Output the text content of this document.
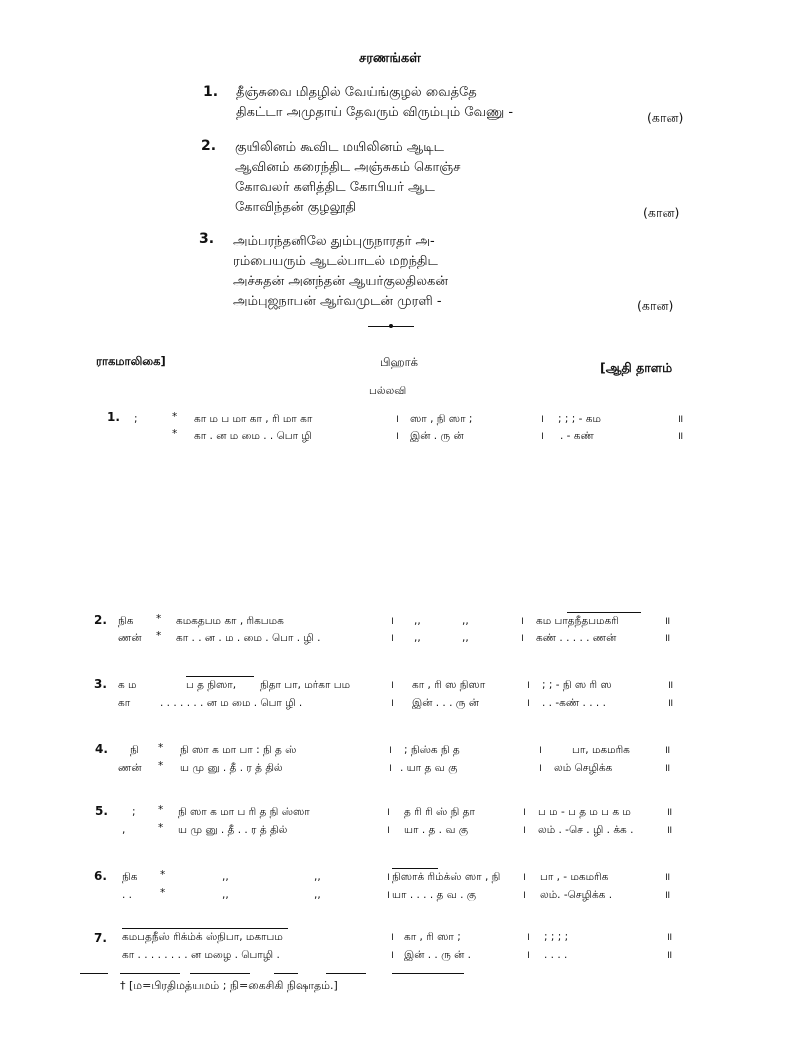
சரணங்கள்
1. தீஞ்சுவை மிதழில் வேய்ங்குழல் வைத்தே
திகட்டா அமுதாய் தேவரும் விரும்பும் வேணு -	(கான)
2. குயிலினம் கூவிட மயிலினம் ஆடிட
ஆவினம் கரைந்திட அஞ்சுகம் கொஞ்ச
கோவலர் களித்திட கோபியர் ஆட
கோவிந்தன் குழலூதி	(கான)
3. அம்பரந்தனிலே தும்புருநாரதர் அ-
ரம்பையரும் ஆடல்பாடல் மறந்திட
அச்சுதன் அனந்தன் ஆயர்குலதிலகன்
அம்புஜநாபன் ஆர்வமுடன் முரளி -	(கான)
ராகமாலிகை]	பிஹாக்	[ஆதி தாளம்
பல்லவி
1. ;	* கா ம ப மா கா , ரி மா கா	। ஸா , நி ஸா ;	। ; ; ; - கம	॥
* கா . ன ம மை . . பொ ழி	। இன் . ரு ன்	। . - கண்	॥
2. நிக * கமகதபம கா , ரிகபமக	। ,,	,,	। கம பாதநீதபமகரி	॥
ணன் * கா . . ன . ம . மை . பொ . ழி .	। ,,	,,	। கண் . . . . . ணன்	॥
3. க ம	ப த நிஸா, நிதா பா, மர்கா பம	। கா , ரி ஸ நிஸா	। ; ; - நி ஸ ரி ஸ	॥
கா	. . . . . . . ன ம மை . பொ ழி .	। இன் . . . ரு ன்	। . . -கண் . . . .	॥
4. நி * நி ஸா க மா பா : நி த ஸ்	। ; நிஸ்க நி த	।	பா, மகமரிக	॥
ணன் * ய மு னு . தீ . ர த் தில்	। . யா த வ கு	। லம் செழிக்க	॥
5. ; * நி ஸா க மா ப ரி த நி ஸ்ஸா	। த ரி ரி ஸ் நி தா	। ப ம - ப த ம ப க ம	॥
,	* ய மு னு . தீ . . ர த் தில்	। யா . த . வ கு	। லம் . -செ . ழி . க்க .	॥
6. நிக *	,,	,,	। நிஸாக் ரிம்க்ஸ் ஸா , நி । பா , - மகமரிக	॥
. .	*	,,	,,	। யா . . . . த வ . கு	। லம். -செழிக்க .	॥
7. கமபதநீஸ் ரிக்ம்க் ஸ்நிபா, மகாபம	। கா , ரி ஸா ;	। ; ; ; ;	॥
கா . . . . . . . . ன மழை . பொழி .	। இன் . . ரு ன் .	। . . . .	॥
† [ம=பிரதிமத்யமம் ; நி=கைசிகி நிஷாதம்.]
